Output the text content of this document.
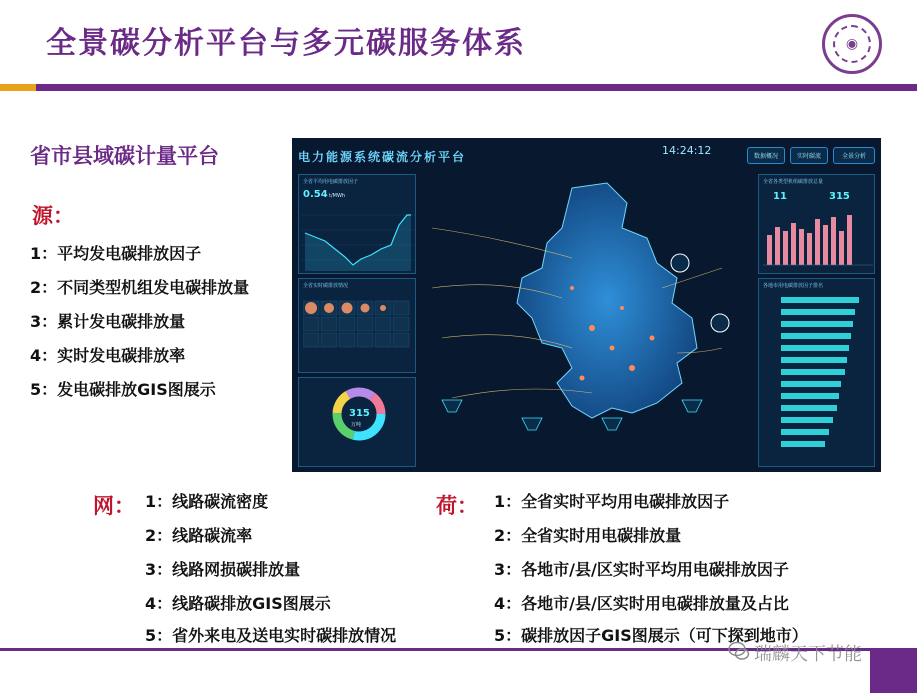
全景碳分析平台与多元碳服务体系	◉
省市县域碳计量平台
源：
1：平均发电碳排放因子
2：不同类型机组发电碳排放量
3：累计发电碳排放量
4：实时发电碳排放率
5：发电碳排放GIS图展示
电力能源系统碳流分析平台	14:24:12	数据概况	实时碳流	全景分析
全省平均用电碳排放因子
0.54 t/MWh
全省实时碳排放情况
315
万吨
全省各类型机组碳排放总量
11	315
各地市用电碳排放因子排名
网： 1：线路碳流密度
2：线路碳流率
3：线路网损碳排放量
4：线路碳排放GIS图展示
5：省外来电及送电实时碳排放情况
荷： 1：全省实时平均用电碳排放因子
2：全省实时用电碳排放量
3：各地市/县/区实时平均用电碳排放因子
4：各地市/县/区实时用电碳排放量及占比
5：碳排放因子GIS图展示（可下探到地市）
瑞麟天下节能
